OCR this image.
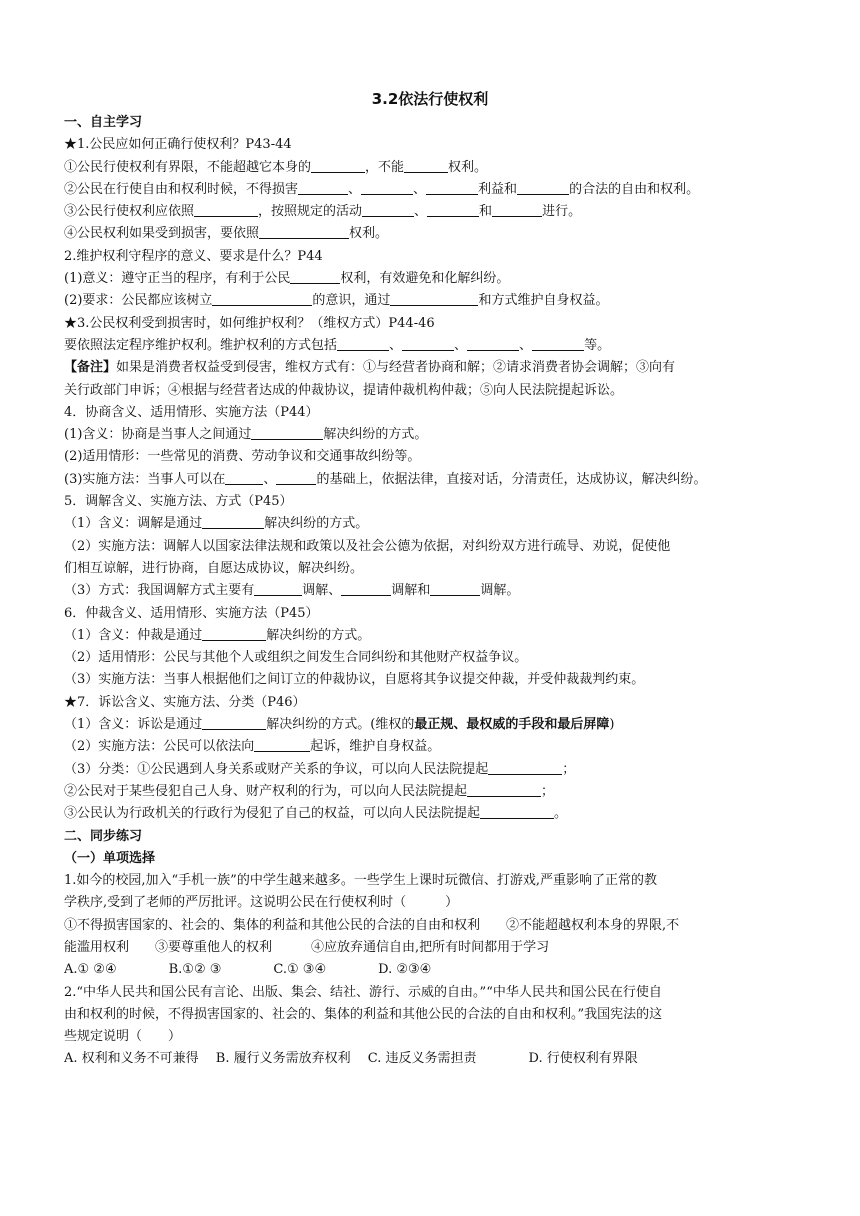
3.2依法行使权利
一、自主学习
★1.公民应如何正确行使权利？P43-44
①公民行使权利有界限，不能超越它本身的	，不能	权利。
②公民在行使自由和权利时候，不得损害	、	、	利益和	的合法的自由和权利。
③公民行使权利应依照	，按照规定的活动	、	和	进行。
④公民权利如果受到损害，要依照	权利。
2.维护权利守程序的意义、要求是什么？P44
(1)意义：遵守正当的程序，有利于公民	权利，有效避免和化解纠纷。
(2)要求：公民都应该树立	的意识，通过	和方式维护自身权益。
★3.公民权利受到损害时，如何维护权利？（维权方式）P44-46
要依照法定程序维护权利。维护权利的方式包括	、	、	、	等。
【备注】如果是消费者权益受到侵害，维权方式有：①与经营者协商和解；②请求消费者协会调解；③向有
关行政部门申诉；④根据与经营者达成的仲裁协议，提请仲裁机构仲裁；⑤向人民法院提起诉讼。
4．协商含义、适用情形、实施方法（P44）
(1)含义：协商是当事人之间通过	解决纠纷的方式。
(2)适用情形：一些常见的消费、劳动争议和交通事故纠纷等。
(3)实施方法：当事人可以在	、	的基础上，依据法律，直接对话，分清责任，达成协议，解决纠纷。
5．调解含义、实施方法、方式（P45）
（1）含义：调解是通过	解决纠纷的方式。
（2）实施方法：调解人以国家法律法规和政策以及社会公德为依据，对纠纷双方进行疏导、劝说，促使他
们相互谅解，进行协商，自愿达成协议，解决纠纷。
（3）方式：我国调解方式主要有	调解、	调解和	调解。
6．仲裁含义、适用情形、实施方法（P45）
（1）含义：仲裁是通过	解决纠纷的方式。
（2）适用情形：公民与其他个人或组织之间发生合同纠纷和其他财产权益争议。
（3）实施方法：当事人根据他们之间订立的仲裁协议，自愿将其争议提交仲裁，并受仲裁裁判约束。
★7．诉讼含义、实施方法、分类（P46）
（1）含义：诉讼是通过	解决纠纷的方式。(维权的最正规、最权威的手段和最后屏障)
（2）实施方法：公民可以依法向	起诉，维护自身权益。
（3）分类：①公民遇到人身关系或财产关系的争议，可以向人民法院提起	；
②公民对于某些侵犯自己人身、财产权利的行为，可以向人民法院提起	；
③公民认为行政机关的行政行为侵犯了自己的权益，可以向人民法院提起	。
二、同步练习
（一）单项选择
1.如今的校园,加入“手机一族”的中学生越来越多。一些学生上课时玩微信、打游戏,严重影响了正常的教
学秩序,受到了老师的严厉批评。这说明公民在行使权利时（　　　）
①不得损害国家的、社会的、集体的利益和其他公民的合法的自由和权利　　②不能超越权利本身的界限,不
能滥用权利　　③要尊重他人的权利　　　④应放弃通信自由,把所有时间都用于学习
A.① ②④　　　　B.①② ③　　　　C.① ③④　　　　D. ②③④
2.“中华人民共和国公民有言论、出版、集会、结社、游行、示威的自由。”“中华人民共和国公民在行使自
由和权利的时候，不得损害国家的、社会的、集体的利益和其他公民的合法的自由和权利。”我国宪法的这
些规定说明（　　）
A. 权利和义务不可兼得　 B. 履行义务需放弃权利　 C. 违反义务需担责　　　　D. 行使权利有界限
